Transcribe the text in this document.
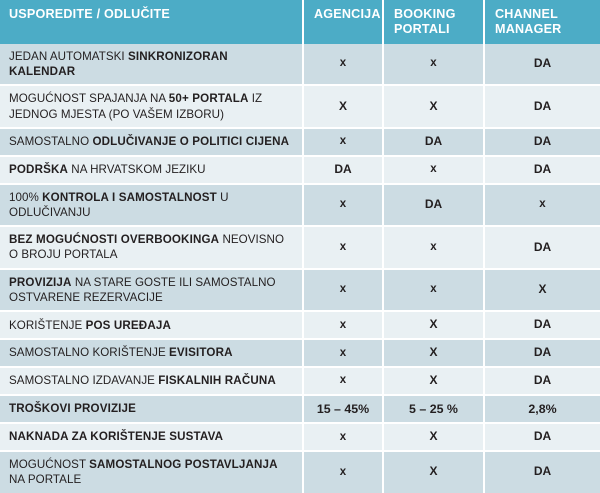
USPOREDITE / ODLUČITE	AGENCIJA	BOOKING PORTALI	CHANNEL MANAGER
JEDAN AUTOMATSKI SINKRONIZORAN KALENDAR	x	x	DA
MOGUĆNOST SPAJANJA NA 50+ PORTALA IZ JEDNOG MJESTA (PO VAŠEM IZBORU)	X	X	DA
SAMOSTALNO ODLUČIVANJE O POLITICI CIJENA	x	DA	DA
PODRŠKA NA HRVATSKOM JEZIKU	DA	x	DA
100% KONTROLA I SAMOSTALNOST U ODLUČIVANJU	x	DA	x
BEZ MOGUĆNOSTI OVERBOOKINGA NEOVISNO O BROJU PORTALA	x	x	DA
PROVIZIJA NA STARE GOSTE ILI SAMOSTALNO OSTVARENE REZERVACIJE	x	x	X
KORIŠTENJE POS UREĐAJA	x	X	DA
SAMOSTALNO KORIŠTENJE EVISITORA	x	X	DA
SAMOSTALNO IZDAVANJE FISKALNIH RAČUNA	x	X	DA
TROŠKOVI PROVIZIJE	15 – 45%	5 – 25 %	2,8%
NAKNADA ZA KORIŠTENJE SUSTAVA	x	X	DA
MOGUĆNOST SAMOSTALNOG POSTAVLJANJA NA PORTALE	x	X	DA
